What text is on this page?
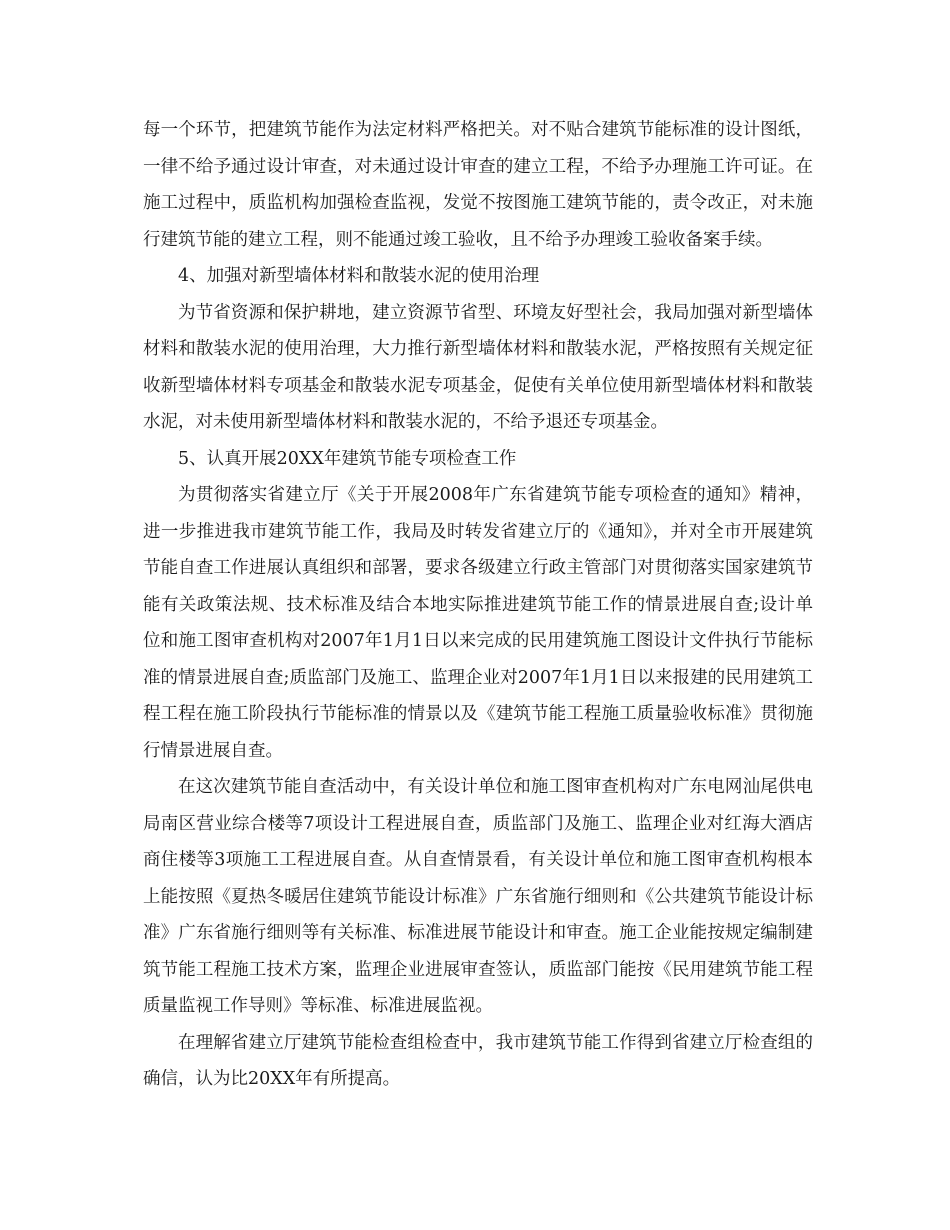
每一个环节，把建筑节能作为法定材料严格把关。对不贴合建筑节能标准的设计图纸，一律不给予通过设计审查，对未通过设计审查的建立工程，不给予办理施工许可证。在施工过程中，质监机构加强检查监视，发觉不按图施工建筑节能的，责令改正，对未施行建筑节能的建立工程，则不能通过竣工验收，且不给予办理竣工验收备案手续。

4、加强对新型墙体材料和散装水泥的使用治理

为节省资源和保护耕地，建立资源节省型、环境友好型社会，我局加强对新型墙体材料和散装水泥的使用治理，大力推行新型墙体材料和散装水泥，严格按照有关规定征收新型墙体材料专项基金和散装水泥专项基金，促使有关单位使用新型墙体材料和散装水泥，对未使用新型墙体材料和散装水泥的，不给予退还专项基金。

5、认真开展20XX年建筑节能专项检查工作

为贯彻落实省建立厅《关于开展2008年广东省建筑节能专项检查的通知》精神，进一步推进我市建筑节能工作，我局及时转发省建立厅的《通知》，并对全市开展建筑节能自查工作进展认真组织和部署，要求各级建立行政主管部门对贯彻落实国家建筑节能有关政策法规、技术标准及结合本地实际推进建筑节能工作的情景进展自查;设计单位和施工图审查机构对2007年1月1日以来完成的民用建筑施工图设计文件执行节能标准的情景进展自查;质监部门及施工、监理企业对2007年1月1日以来报建的民用建筑工程工程在施工阶段执行节能标准的情景以及《建筑节能工程施工质量验收标准》贯彻施行情景进展自查。

在这次建筑节能自查活动中，有关设计单位和施工图审查机构对广东电网汕尾供电局南区营业综合楼等7项设计工程进展自查，质监部门及施工、监理企业对红海大酒店商住楼等3项施工工程进展自查。从自查情景看，有关设计单位和施工图审查机构根本上能按照《夏热冬暖居住建筑节能设计标准》广东省施行细则和《公共建筑节能设计标准》广东省施行细则等有关标准、标准进展节能设计和审查。施工企业能按规定编制建筑节能工程施工技术方案，监理企业进展审查签认，质监部门能按《民用建筑节能工程质量监视工作导则》等标准、标准进展监视。

在理解省建立厅建筑节能检查组检查中，我市建筑节能工作得到省建立厅检查组的确信，认为比20XX年有所提高。
